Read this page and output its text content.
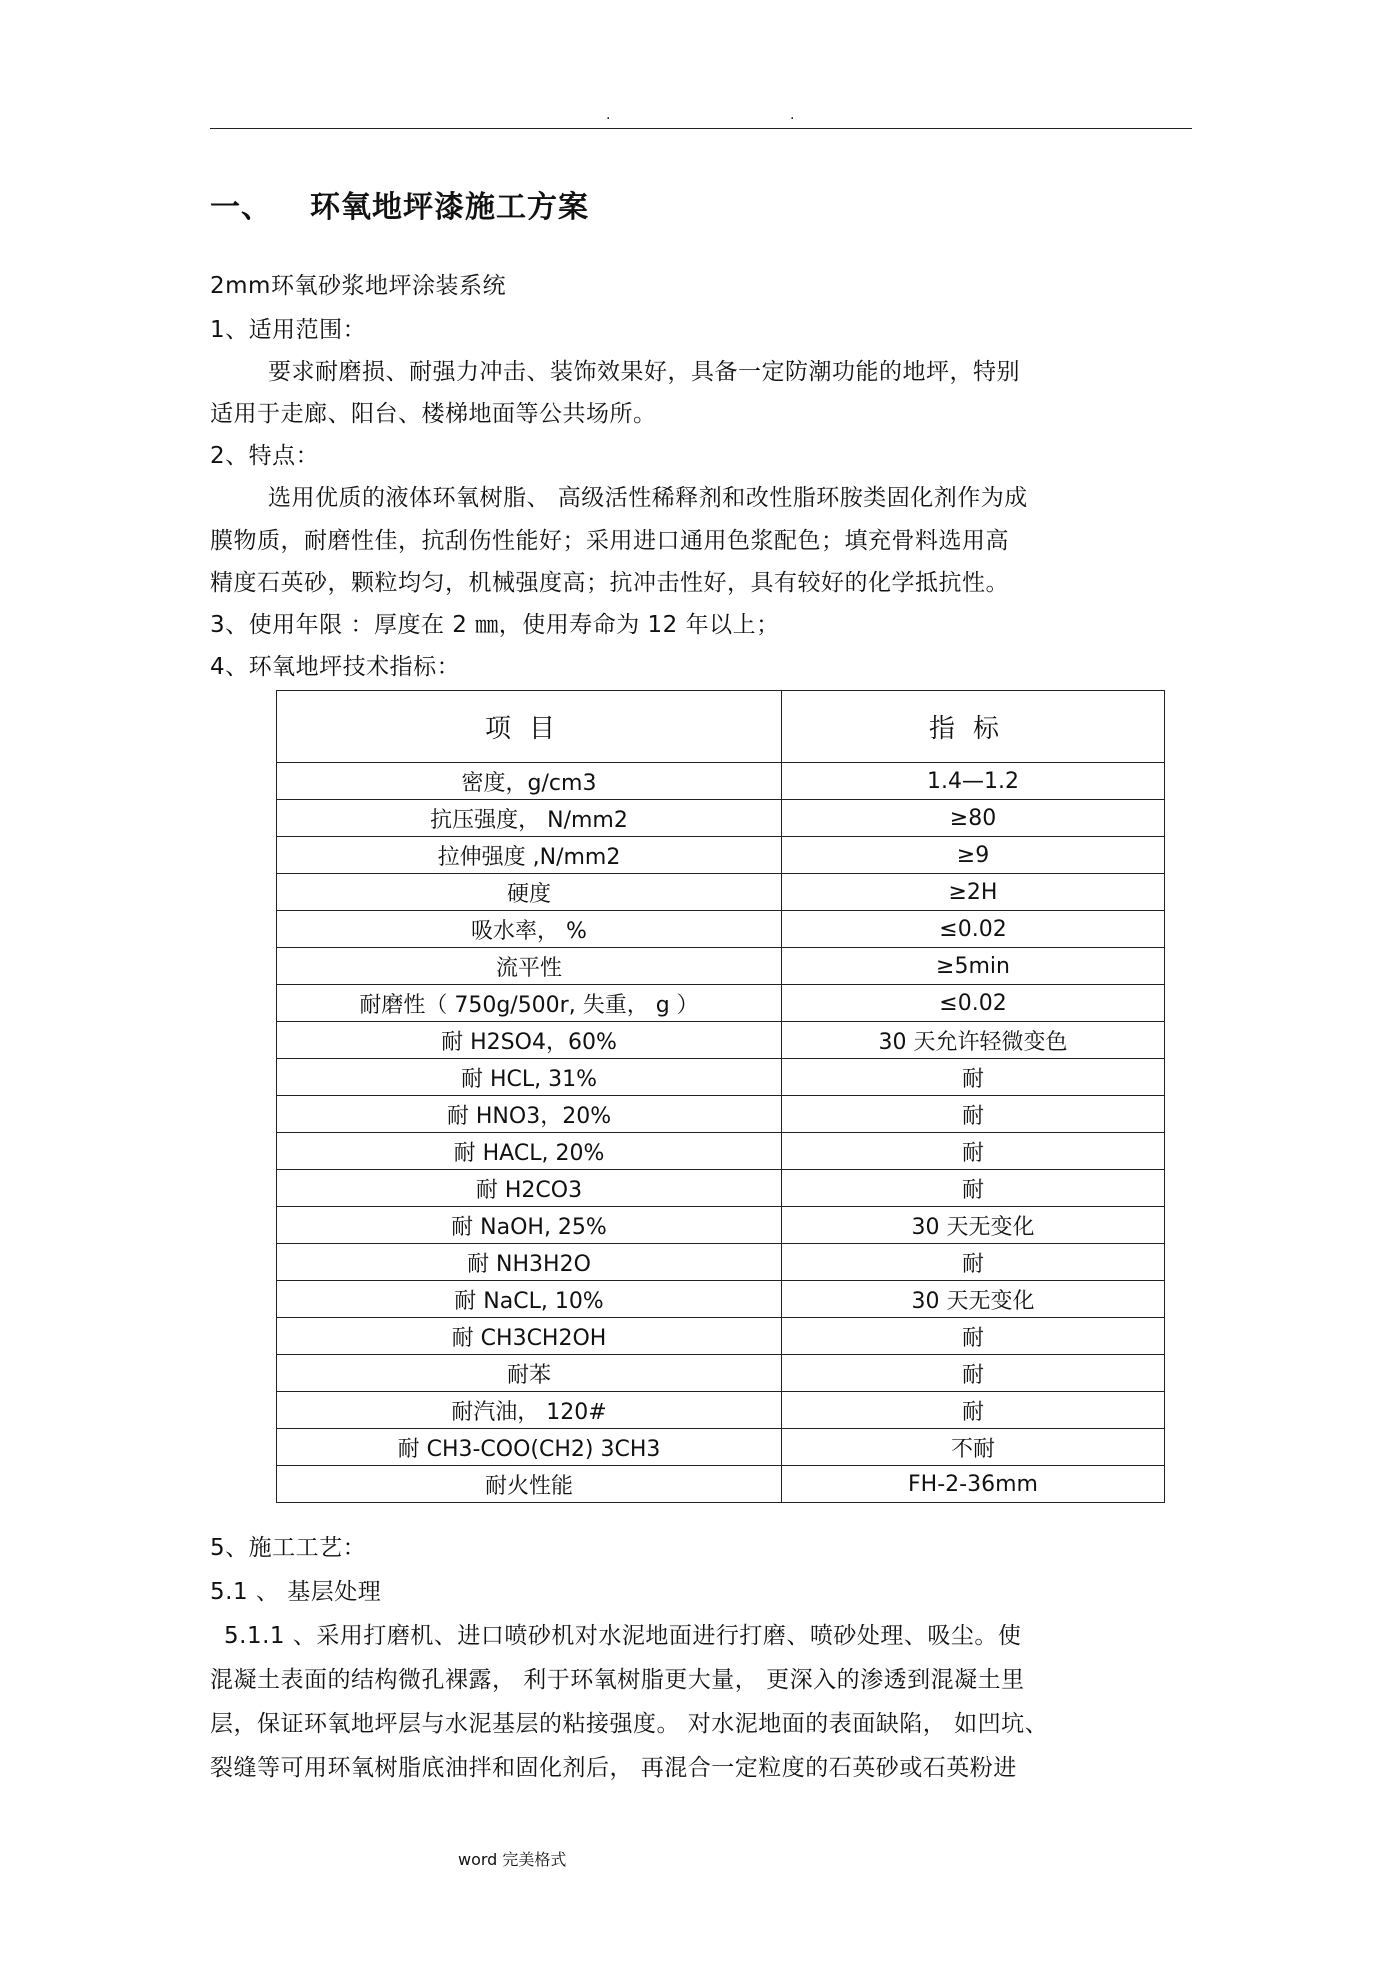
.	.
一、 环氧地坪漆施工方案
2mm环氧砂浆地坪涂装系统
1、适用范围：
要求耐磨损、耐强力冲击、装饰效果好，具备一定防潮功能的地坪，特别
适用于走廊、阳台、楼梯地面等公共场所。
2、特点：
选用优质的液体环氧树脂、 高级活性稀释剂和改性脂环胺类固化剂作为成
膜物质，耐磨性佳，抗刮伤性能好；采用进口通用色浆配色；填充骨料选用高
精度石英砂，颗粒均匀，机械强度高；抗冲击性好，具有较好的化学抵抗性。
3、使用年限 ：厚度在 2 ㎜，使用寿命为 12 年以上；
4、环氧地坪技术指标：
项目	指标
密度，g/cm3	1.4—1.2
抗压强度， N/mm2	≥80
拉伸强度 ,N/mm2	≥9
硬度	≥2H
吸水率， %	≤0.02
流平性	≥5min
耐磨性（ 750g/500r, 失重， g ）	≤0.02
耐 H2SO4，60%	30 天允许轻微变色
耐 HCL, 31%	耐
耐 HNO3，20%	耐
耐 HACL, 20%	耐
耐 H2CO3	耐
耐 NaOH, 25%	30 天无变化
耐 NH3H2O	耐
耐 NaCL, 10%	30 天无变化
耐 CH3CH2OH	耐
耐苯	耐
耐汽油， 120#	耐
耐 CH3-COO(CH2) 3CH3	不耐
耐火性能	FH-2-36mm
5、施工工艺：
5.1 、 基层处理
5.1.1 、采用打磨机、进口喷砂机对水泥地面进行打磨、喷砂处理、吸尘。使
混凝土表面的结构微孔裸露， 利于环氧树脂更大量， 更深入的渗透到混凝土里
层，保证环氧地坪层与水泥基层的粘接强度。 对水泥地面的表面缺陷， 如凹坑、
裂缝等可用环氧树脂底油拌和固化剂后， 再混合一定粒度的石英砂或石英粉进
word 完美格式
